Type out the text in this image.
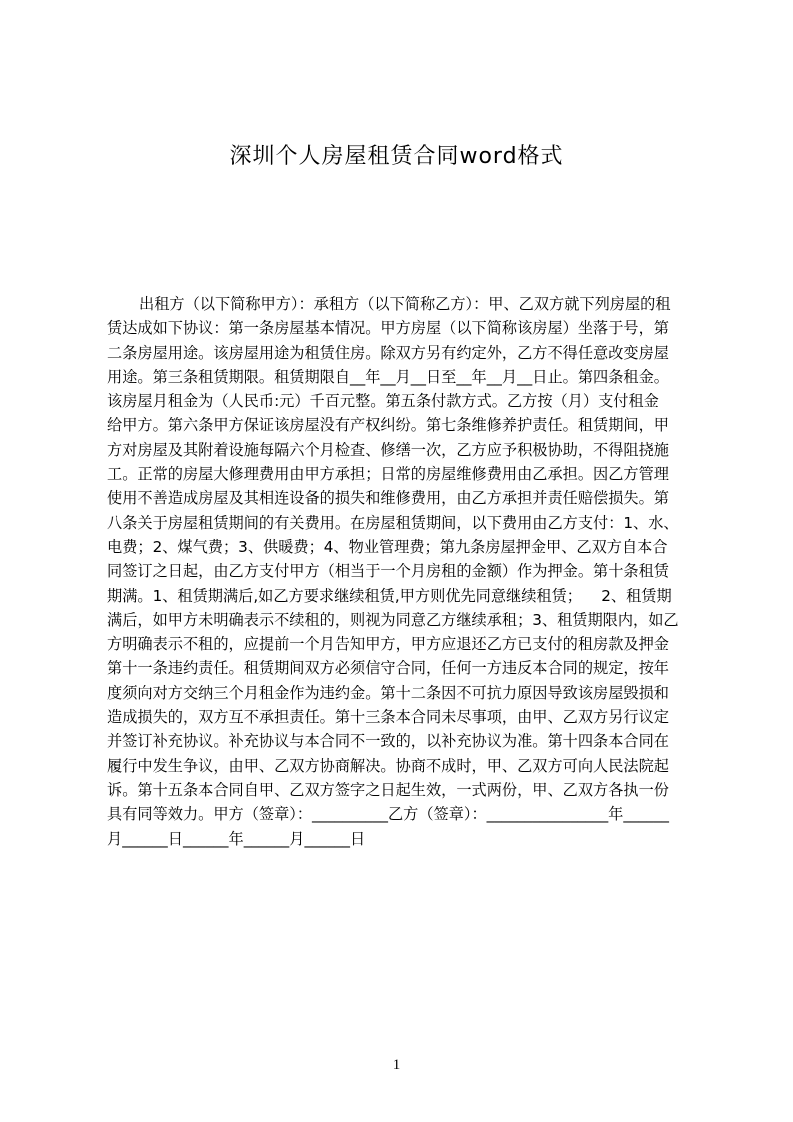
深圳个人房屋租赁合同word格式
出租方（以下简称甲方）：承租方（以下简称乙方）：甲、乙双方就下列房屋的租
赁达成如下协议：第一条房屋基本情况。甲方房屋（以下简称该房屋）坐落于号，第
二条房屋用途。该房屋用途为租赁住房。除双方另有约定外，乙方不得任意改变房屋
用途。第三条租赁期限。租赁期限自__年__月__日至__年__月__日止。第四条租金。
该房屋月租金为（人民币:元）千百元整。第五条付款方式。乙方按（月）支付租金
给甲方。第六条甲方保证该房屋没有产权纠纷。第七条维修养护责任。租赁期间，甲
方对房屋及其附着设施每隔六个月检查、修缮一次，乙方应予积极协助，不得阻挠施
工。正常的房屋大修理费用由甲方承担；日常的房屋维修费用由乙承担。因乙方管理
使用不善造成房屋及其相连设备的损失和维修费用，由乙方承担并责任赔偿损失。第
八条关于房屋租赁期间的有关费用。在房屋租赁期间，以下费用由乙方支付：1、水、
电费；2、煤气费；3、供暖费；4、物业管理费；第九条房屋押金甲、乙双方自本合
同签订之日起，由乙方支付甲方（相当于一个月房租的金额）作为押金。第十条租赁
期满。1、租赁期满后,如乙方要求继续租赁,甲方则优先同意继续租赁；    2、租赁期
满后，如甲方未明确表示不续租的，则视为同意乙方继续承租；3、租赁期限内，如乙
方明确表示不租的，应提前一个月告知甲方，甲方应退还乙方已支付的租房款及押金
第十一条违约责任。租赁期间双方必须信守合同，任何一方违反本合同的规定，按年
度须向对方交纳三个月租金作为违约金。第十二条因不可抗力原因导致该房屋毁损和
造成损失的，双方互不承担责任。第十三条本合同未尽事项，由甲、乙双方另行议定
并签订补充协议。补充协议与本合同不一致的，以补充协议为准。第十四条本合同在
履行中发生争议，由甲、乙双方协商解决。协商不成时，甲、乙双方可向人民法院起
诉。第十五条本合同自甲、乙双方签字之日起生效，一式两份，甲、乙双方各执一份
具有同等效力。甲方（签章）：__________乙方（签章）：________________年______
月______日______年______月______日
1
